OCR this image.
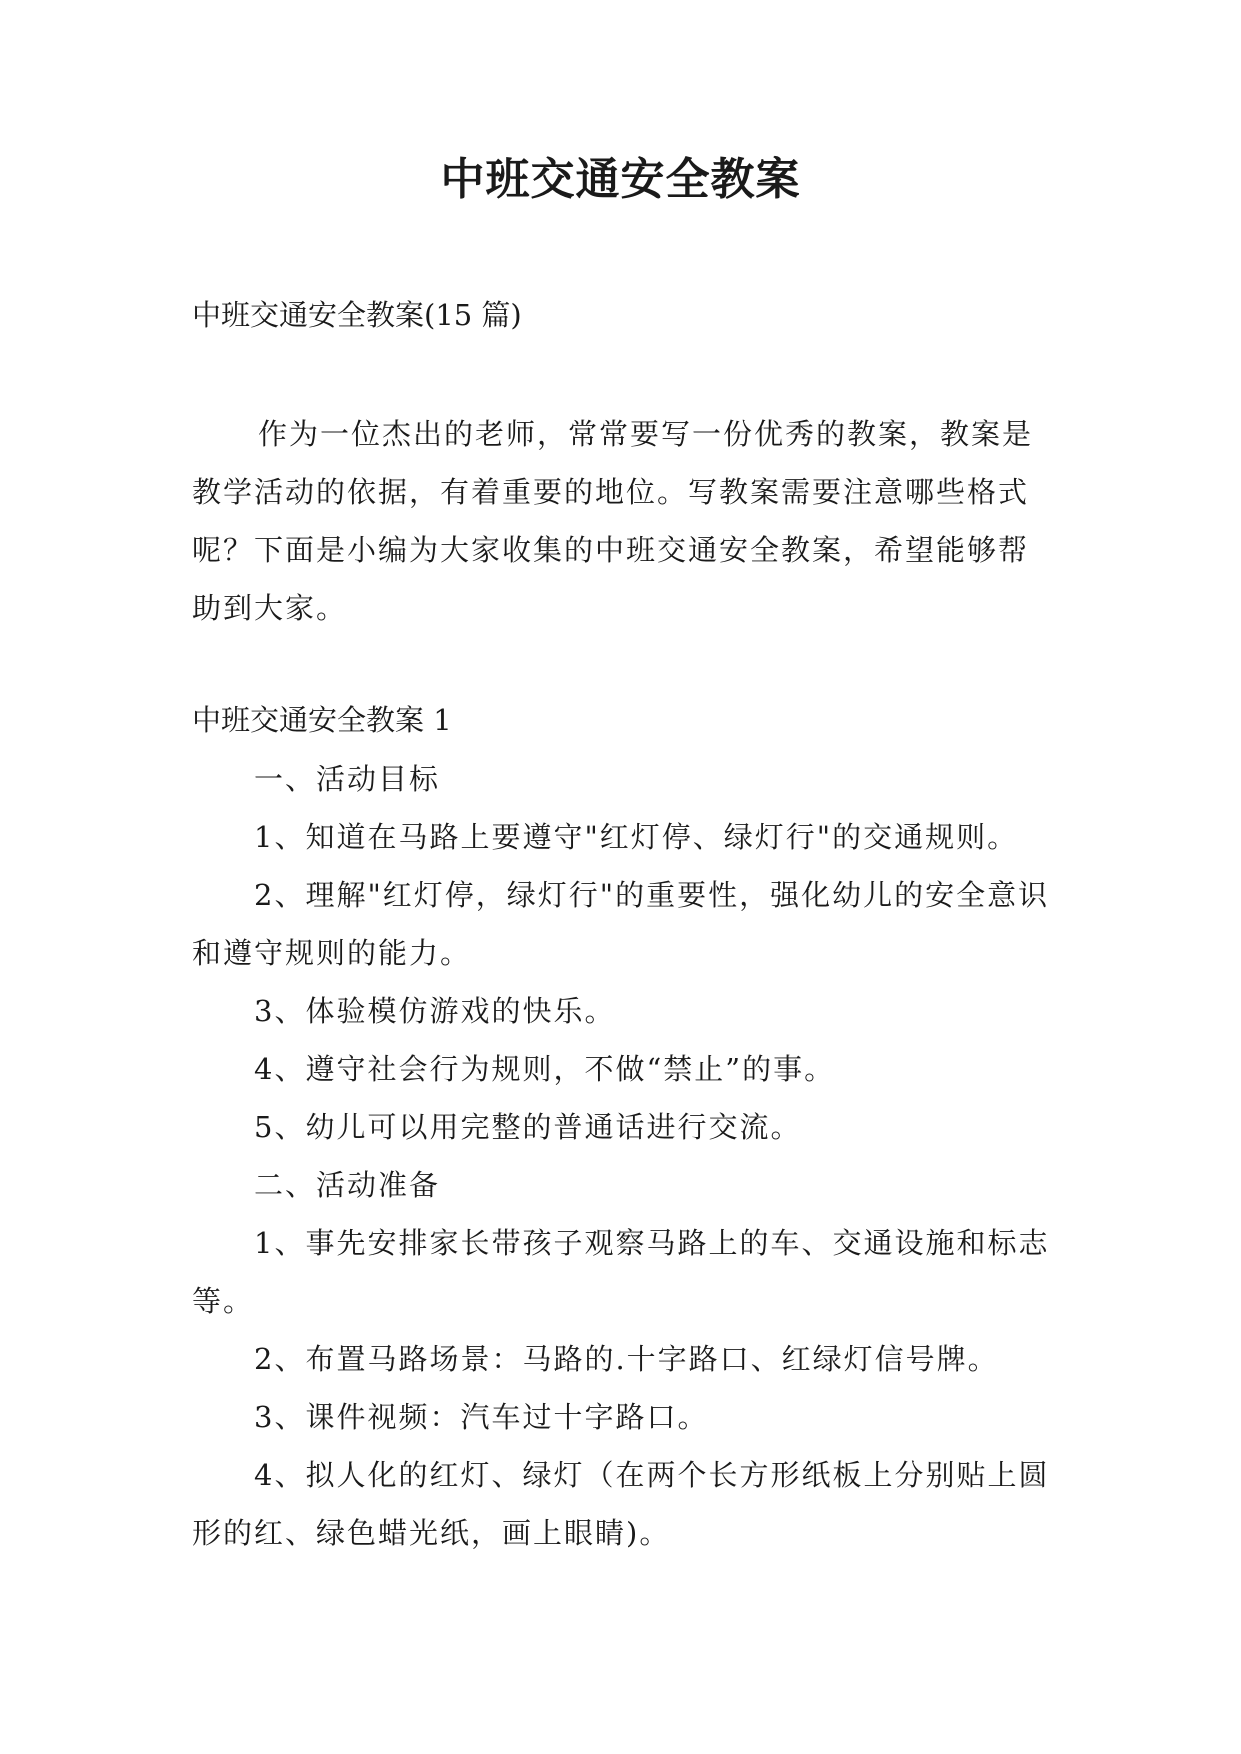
中班交通安全教案

中班交通安全教案(15 篇)

作为一位杰出的老师，常常要写一份优秀的教案，教案是教学活动的依据，有着重要的地位。写教案需要注意哪些格式呢？下面是小编为大家收集的中班交通安全教案，希望能够帮助到大家。

中班交通安全教案 1

一、活动目标

1、知道在马路上要遵守"红灯停、绿灯行"的交通规则。

2、理解"红灯停，绿灯行"的重要性，强化幼儿的安全意识和遵守规则的能力。

3、体验模仿游戏的快乐。

4、遵守社会行为规则，不做“禁止”的事。

5、幼儿可以用完整的普通话进行交流。

二、活动准备

1、事先安排家长带孩子观察马路上的车、交通设施和标志等。

2、布置马路场景：马路的.十字路口、红绿灯信号牌。

3、课件视频：汽车过十字路口。

4、拟人化的红灯、绿灯（在两个长方形纸板上分别贴上圆形的红、绿色蜡光纸，画上眼睛)。
